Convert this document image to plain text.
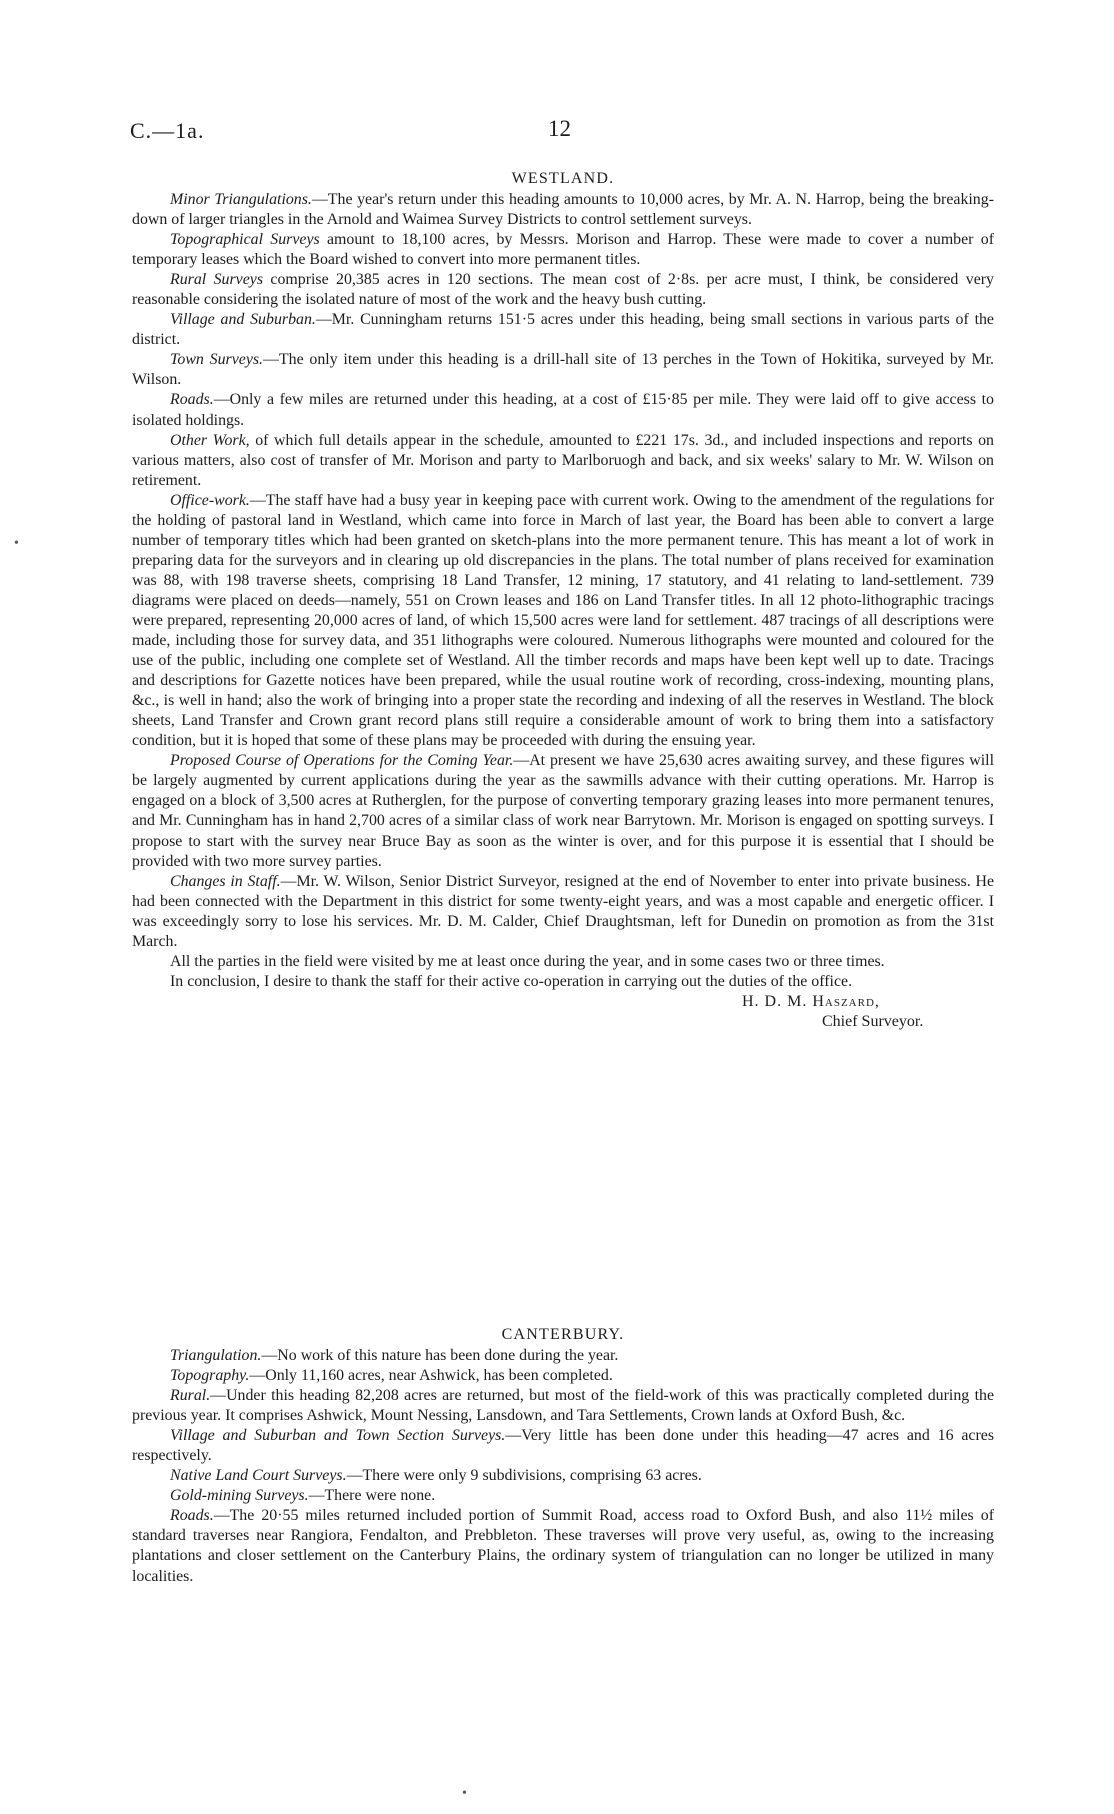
C.—1a.	12
•
•

WESTLAND.

Minor Triangulations.—The year's return under this heading amounts to 10,000 acres, by Mr. A. N. Harrop, being the breaking-down of larger triangles in the Arnold and Waimea Survey Districts to control settlement surveys.

Topographical Surveys amount to 18,100 acres, by Messrs. Morison and Harrop. These were made to cover a number of temporary leases which the Board wished to convert into more permanent titles.

Rural Surveys comprise 20,385 acres in 120 sections. The mean cost of 2·8s. per acre must, I think, be considered very reasonable considering the isolated nature of most of the work and the heavy bush cutting.

Village and Suburban.—Mr. Cunningham returns 151·5 acres under this heading, being small sections in various parts of the district.

Town Surveys.—The only item under this heading is a drill-hall site of 13 perches in the Town of Hokitika, surveyed by Mr. Wilson.

Roads.—Only a few miles are returned under this heading, at a cost of £15·85 per mile. They were laid off to give access to isolated holdings.

Other Work, of which full details appear in the schedule, amounted to £221 17s. 3d., and included inspections and reports on various matters, also cost of transfer of Mr. Morison and party to Marlboruogh and back, and six weeks' salary to Mr. W. Wilson on retirement.

Office-work.—The staff have had a busy year in keeping pace with current work. Owing to the amendment of the regulations for the holding of pastoral land in Westland, which came into force in March of last year, the Board has been able to convert a large number of temporary titles which had been granted on sketch-plans into the more permanent tenure. This has meant a lot of work in preparing data for the surveyors and in clearing up old discrepancies in the plans. The total number of plans received for examination was 88, with 198 traverse sheets, comprising 18 Land Transfer, 12 mining, 17 statutory, and 41 relating to land-settlement. 739 diagrams were placed on deeds—namely, 551 on Crown leases and 186 on Land Transfer titles. In all 12 photo-lithographic tracings were prepared, representing 20,000 acres of land, of which 15,500 acres were land for settlement. 487 tracings of all descriptions were made, including those for survey data, and 351 lithographs were coloured. Numerous lithographs were mounted and coloured for the use of the public, including one complete set of Westland. All the timber records and maps have been kept well up to date. Tracings and descriptions for Gazette notices have been prepared, while the usual routine work of recording, cross-indexing, mounting plans, &c., is well in hand; also the work of bringing into a proper state the recording and indexing of all the reserves in Westland. The block sheets, Land Transfer and Crown grant record plans still require a considerable amount of work to bring them into a satisfactory condition, but it is hoped that some of these plans may be proceeded with during the ensuing year.

Proposed Course of Operations for the Coming Year.—At present we have 25,630 acres awaiting survey, and these figures will be largely augmented by current applications during the year as the sawmills advance with their cutting operations. Mr. Harrop is engaged on a block of 3,500 acres at Rutherglen, for the purpose of converting temporary grazing leases into more permanent tenures, and Mr. Cunningham has in hand 2,700 acres of a similar class of work near Barrytown. Mr. Morison is engaged on spotting surveys. I propose to start with the survey near Bruce Bay as soon as the winter is over, and for this purpose it is essential that I should be provided with two more survey parties.

Changes in Staff.—Mr. W. Wilson, Senior District Surveyor, resigned at the end of November to enter into private business. He had been connected with the Department in this district for some twenty-eight years, and was a most capable and energetic officer. I was exceedingly sorry to lose his services. Mr. D. M. Calder, Chief Draughtsman, left for Dunedin on promotion as from the 31st March.

All the parties in the field were visited by me at least once during the year, and in some cases two or three times.

In conclusion, I desire to thank the staff for their active co-operation in carrying out the duties of the office.

H. D. M. Haszard,
Chief Surveyor.

CANTERBURY.

Triangulation.—No work of this nature has been done during the year.

Topography.—Only 11,160 acres, near Ashwick, has been completed.

Rural.—Under this heading 82,208 acres are returned, but most of the field-work of this was practically completed during the previous year. It comprises Ashwick, Mount Nessing, Lansdown, and Tara Settlements, Crown lands at Oxford Bush, &c.

Village and Suburban and Town Section Surveys.—Very little has been done under this heading—47 acres and 16 acres respectively.

Native Land Court Surveys.—There were only 9 subdivisions, comprising 63 acres.

Gold-mining Surveys.—There were none.

Roads.—The 20·55 miles returned included portion of Summit Road, access road to Oxford Bush, and also 11½ miles of standard traverses near Rangiora, Fendalton, and Prebbleton. These traverses will prove very useful, as, owing to the increasing plantations and closer settlement on the Canterbury Plains, the ordinary system of triangulation can no longer be utilized in many localities.
